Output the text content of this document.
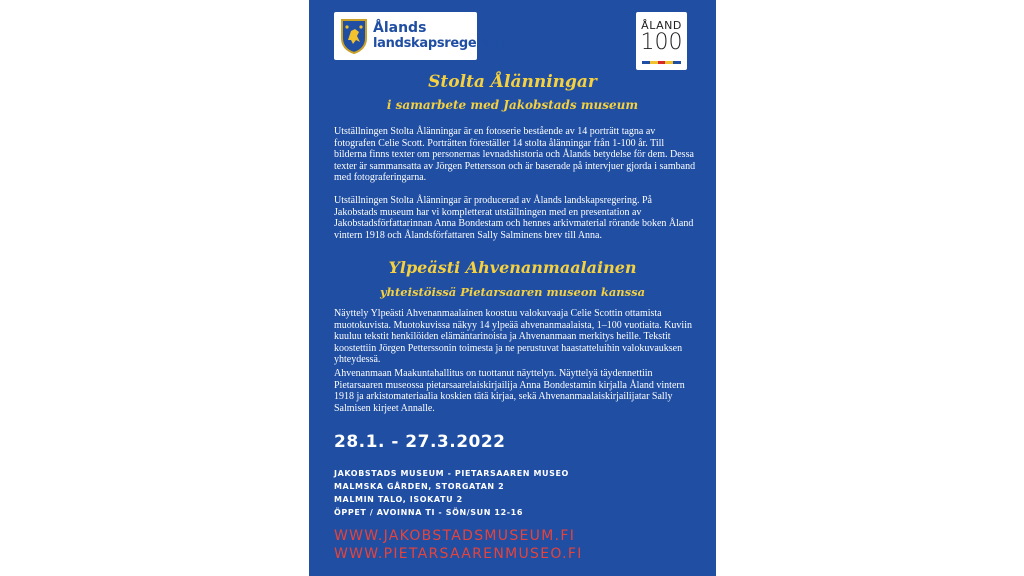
Ålands
landskapsregering
ÅLAND
100
Stolta Ålänningar
i samarbete med Jakobstads museum

Utställningen Stolta Ålänningar är en fotoserie bestående av 14 porträtt tagna av fotografen Celie Scott. Porträtten föreställer 14 stolta ålänningar från 1-100 år. Till bilderna finns texter om personernas levnadshistoria och Ålands betydelse för dem. Dessa texter är sammansatta av Jörgen Pettersson och är baserade på intervjuer gjorda i samband med fotograferingarna.

Utställningen Stolta Ålänningar är producerad av Ålands landskapsregering. På Jakobstads museum har vi kompletterat utställningen med en presentation av Jakobstadsförfattarinnan Anna Bondestam och hennes arkivmaterial rörande boken Åland vintern 1918 och Ålandsförfattaren Sally Salminens brev till Anna.

Ylpeästi Ahvenanmaalainen
yhteistöissä Pietarsaaren museon kanssa

Näyttely Ylpeästi Ahvenanmaalainen koostuu valokuvaaja Celie Scottin ottamista muotokuvista. Muotokuvissa näkyy 14 ylpeää ahvenanmaalaista, 1–100 vuotiaita. Kuviin kuuluu tekstit henkilöiden elämäntarinoista ja Ahvenanmaan merkitys heille. Tekstit koostettiin Jörgen Petterssonin toimesta ja ne perustuvat haastatteluihin valokuvauksen yhteydessä.

Ahvenanmaan Maakuntahallitus on tuottanut näyttelyn. Näyttelyä täydennettiin Pietarsaaren museossa pietarsaarelaiskirjailija Anna Bondestamin kirjalla Åland vintern 1918 ja arkistomateriaalia koskien tätä kirjaa, sekä Ahvenanmaalaiskirjailijatar Sally Salmisen kirjeet Annalle.

28.1. - 27.3.2022
JAKOBSTADS MUSEUM - PIETARSAAREN MUSEO
MALMSKA GÅRDEN, STORGATAN 2
MALMIN TALO, ISOKATU 2
ÖPPET / AVOINNA TI - SÖN/SUN 12-16
WWW.JAKOBSTADSMUSEUM.FI
WWW.PIETARSAARENMUSEO.FI
